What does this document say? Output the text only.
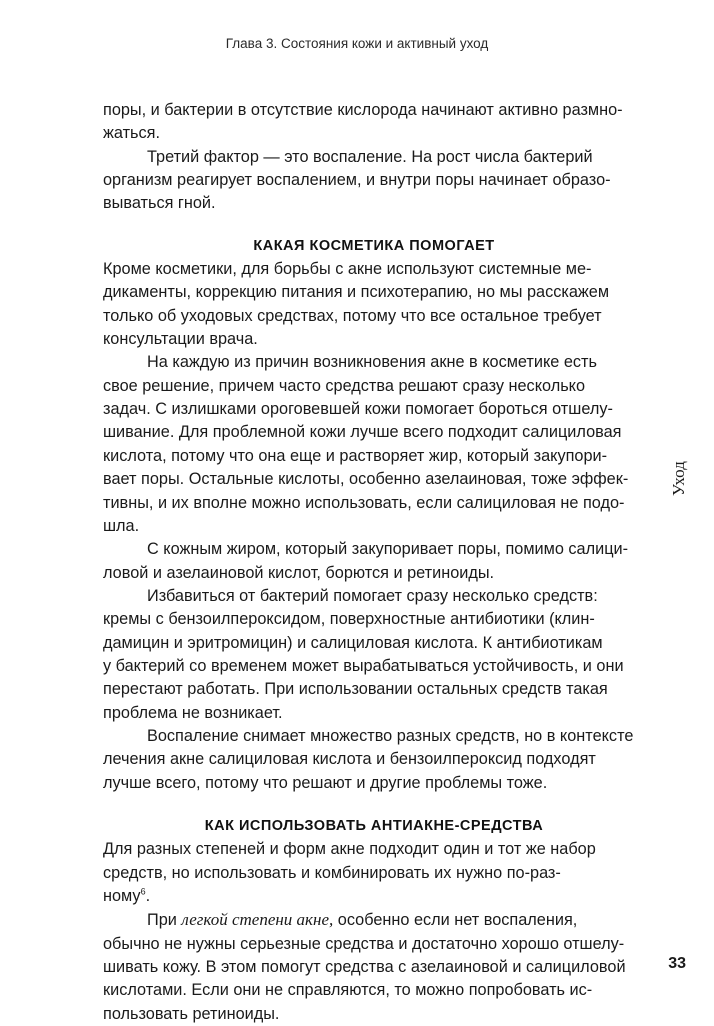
Глава 3. Состояния кожи и активный уход

поры, и бактерии в отсутствие кислорода начинают активно размно-
жаться.

Третий фактор — это воспаление. На рост числа бактерий
организм реагирует воспалением, и внутри поры начинает образо-
вываться гной.

КАКАЯ КОСМЕТИКА ПОМОГАЕТ

Кроме косметики, для борьбы с акне используют системные ме-
дикаменты, коррекцию питания и психотерапию, но мы расскажем
только об уходовых средствах, потому что все остальное требует
консультации врача.

На каждую из причин возникновения акне в косметике есть
свое решение, причем часто средства решают сразу несколько
задач. С излишками ороговевшей кожи помогает бороться отшелу-
шивание. Для проблемной кожи лучше всего подходит салициловая
кислота, потому что она еще и растворяет жир, который закупори-
вает поры. Остальные кислоты, особенно азелаиновая, тоже эффек-
тивны, и их вполне можно использовать, если салициловая не подо-
шла.

С кожным жиром, который закупоривает поры, помимо салици-
ловой и азелаиновой кислот, борются и ретиноиды.

Избавиться от бактерий помогает сразу несколько средств:
кремы с бензоилпероксидом, поверхностные антибиотики (клин-
дамицин и эритромицин) и салициловая кислота. К антибиотикам
у бактерий со временем может вырабатываться устойчивость, и они
перестают работать. При использовании остальных средств такая
проблема не возникает.

Воспаление снимает множество разных средств, но в контексте
лечения акне салициловая кислота и бензоилпероксид подходят
лучше всего, потому что решают и другие проблемы тоже.

КАК ИСПОЛЬЗОВАТЬ АНТИАКНЕ-СРЕДСТВА

Для разных степеней и форм акне подходит один и тот же набор
средств, но использовать и комбинировать их нужно по-раз-
ному$^6$.

При легкой степени акне, особенно если нет воспаления,
обычно не нужны серьезные средства и достаточно хорошо отшелу-
шивать кожу. В этом помогут средства с азелаиновой и салициловой
кислотами. Если они не справляются, то можно попробовать ис-
пользовать ретиноиды.

Уход
33
